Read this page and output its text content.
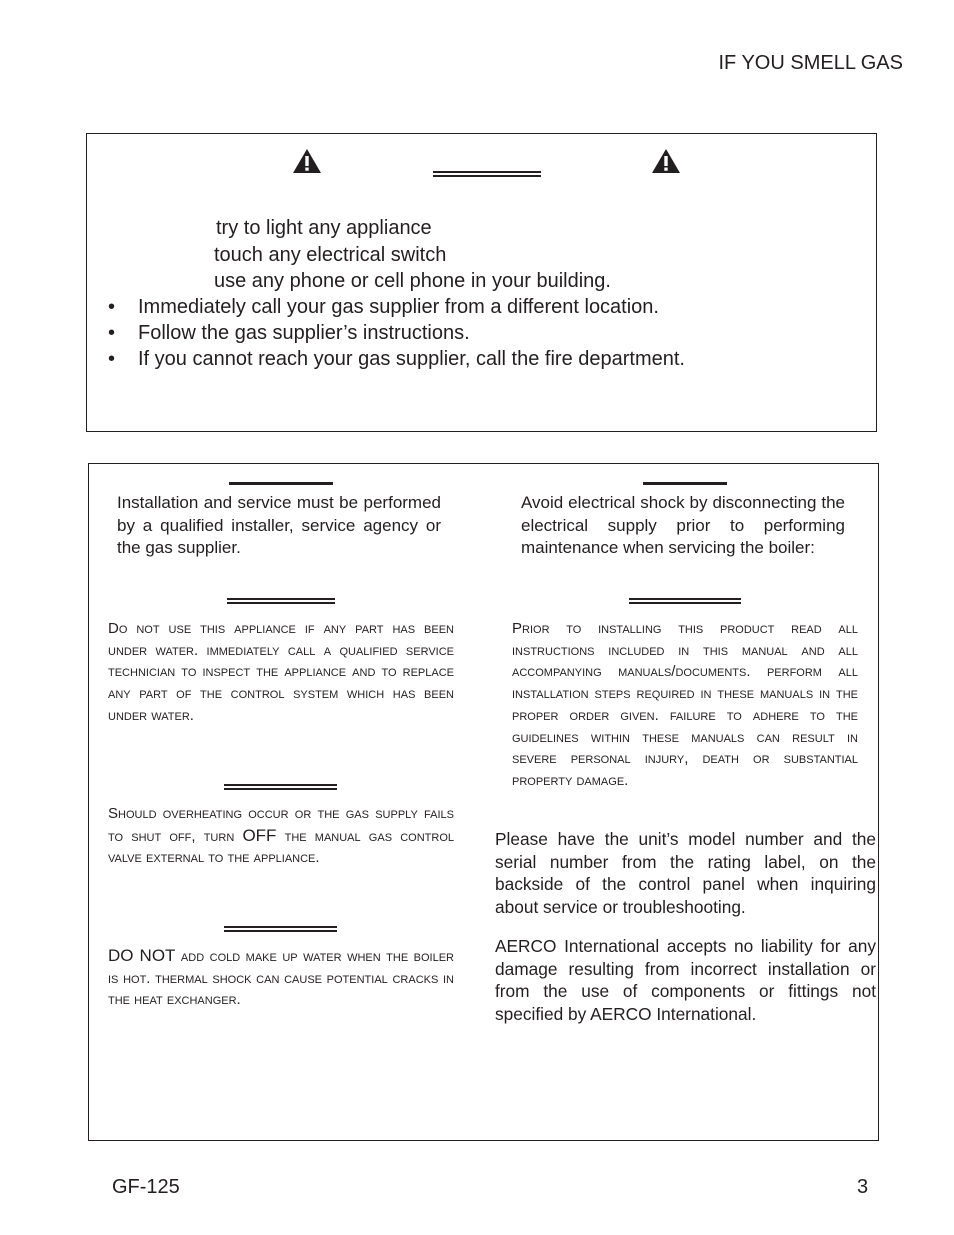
IF YOU SMELL GAS
try to light any appliance
touch any electrical switch
use any phone or cell phone in your building.
• Immediately call your gas supplier from a different location.
• Follow the gas supplier’s instructions.
• If you cannot reach your gas supplier, call the fire department.
Installation and service must be performed by a qualified installer, service agency or the gas supplier.
Avoid electrical shock by disconnecting the electrical supply prior to performing maintenance when servicing the boiler:
Do not use this appliance if any part has been under water. immediately call a qualified service technician to inspect the appliance and to replace any part of the control system which has been under water.
Prior to installing this product read all instructions included in this manual and all accompanying manuals/documents. perform all installation steps required in these manuals in the proper order given. failure to adhere to the guidelines within these manuals can result in severe personal injury, death or substantial property damage.
Should overheating occur or the gas supply fails to shut off, turn OFF the manual gas control valve external to the appliance.
DO NOT add cold make up water when the boiler is hot. thermal shock can cause potential cracks in the heat exchanger.
Please have the unit’s model number and the serial number from the rating label, on the backside of the control panel when inquiring about service or troubleshooting.
AERCO International accepts no liability for any damage resulting from incorrect installation or from the use of components or fittings not specified by AERCO International.
GF-125	3
